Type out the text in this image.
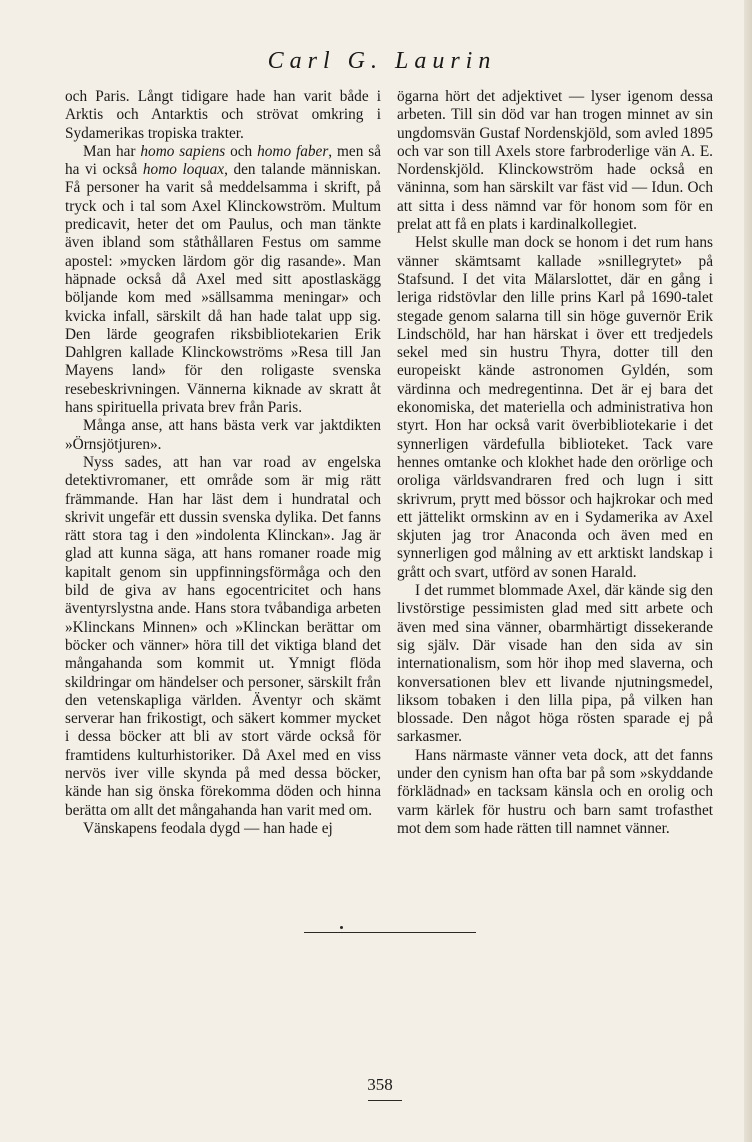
Carl G. Laurin

och Paris. Långt tidigare hade han varit både i Arktis och Antarktis och strövat omkring i Sydamerikas tropiska trakter.

Man har homo sapiens och homo faber, men så ha vi också homo loquax, den talande människan. Få personer ha varit så meddelsamma i skrift, på tryck och i tal som Axel Klinckowström. Multum predicavit, heter det om Paulus, och man tänkte även ibland som ståthållaren Festus om samme apostel: »mycken lärdom gör dig rasande». Man häpnade också då Axel med sitt apostlaskägg böljande kom med »sällsamma meningar» och kvicka infall, särskilt då han hade talat upp sig. Den lärde geografen riksbibliotekarien Erik Dahlgren kallade Klinckowströms »Resa till Jan Mayens land» för den roligaste svenska resebeskrivningen. Vännerna kiknade av skratt åt hans spirituella privata brev från Paris.

Många anse, att hans bästa verk var jaktdikten »Örnsjötjuren».

Nyss sades, att han var road av engelska detektivromaner, ett område som är mig rätt främmande. Han har läst dem i hundratal och skrivit ungefär ett dussin svenska dylika. Det fanns rätt stora tag i den »indolenta Klinckan». Jag är glad att kunna säga, att hans romaner roade mig kapitalt genom sin uppfinningsförmåga och den bild de giva av hans egocentricitet och hans äventyrslystna ande. Hans stora tvåbandiga arbeten »Klinckans Minnen» och »Klinckan berättar om böcker och vänner» höra till det viktiga bland det mångahanda som kommit ut. Ymnigt flöda skildringar om händelser och personer, särskilt från den vetenskapliga världen. Äventyr och skämt serverar han frikostigt, och säkert kommer mycket i dessa böcker att bli av stort värde också för framtidens kulturhistoriker. Då Axel med en viss nervös iver ville skynda på med dessa böcker, kände han sig önska förekomma döden och hinna berätta om allt det mångahanda han varit med om.

Vänskapens feodala dygd — han hade ej

ögarna hört det adjektivet — lyser igenom dessa arbeten. Till sin död var han trogen minnet av sin ungdomsvän Gustaf Nordenskjöld, som avled 1895 och var son till Axels store farbroderlige vän A. E. Nordenskjöld. Klinckowström hade också en väninna, som han särskilt var fäst vid — Idun. Och att sitta i dess nämnd var för honom som för en prelat att få en plats i kardinalkollegiet.

Helst skulle man dock se honom i det rum hans vänner skämtsamt kallade »snillegrytet» på Stafsund. I det vita Mälarslottet, där en gång i leriga ridstövlar den lille prins Karl på 1690-talet stegade genom salarna till sin höge guvernör Erik Lindschöld, har han härskat i över ett tredjedels sekel med sin hustru Thyra, dotter till den europeiskt kände astronomen Gyldén, som värdinna och medregentinna. Det är ej bara det ekonomiska, det materiella och administrativa hon styrt. Hon har också varit överbibliotekarie i det synnerligen värdefulla biblioteket. Tack vare hennes omtanke och klokhet hade den orörlige och oroliga världsvandraren fred och lugn i sitt skrivrum, prytt med bössor och hajkrokar och med ett jättelikt ormskinn av en i Sydamerika av Axel skjuten jag tror Anaconda och även med en synnerligen god målning av ett arktiskt landskap i grått och svart, utförd av sonen Harald.

I det rummet blommade Axel, där kände sig den livstörstige pessimisten glad med sitt arbete och även med sina vänner, obarmhärtigt dissekerande sig själv. Där visade han den sida av sin internationalism, som hör ihop med slaverna, och konversationen blev ett livande njutningsmedel, liksom tobaken i den lilla pipa, på vilken han blossade. Den något höga rösten sparade ej på sarkasmer.

Hans närmaste vänner veta dock, att det fanns under den cynism han ofta bar på som »skyddande förklädnad» en tacksam känsla och en orolig och varm kärlek för hustru och barn samt trofasthet mot dem som hade rätten till namnet vänner.

358
